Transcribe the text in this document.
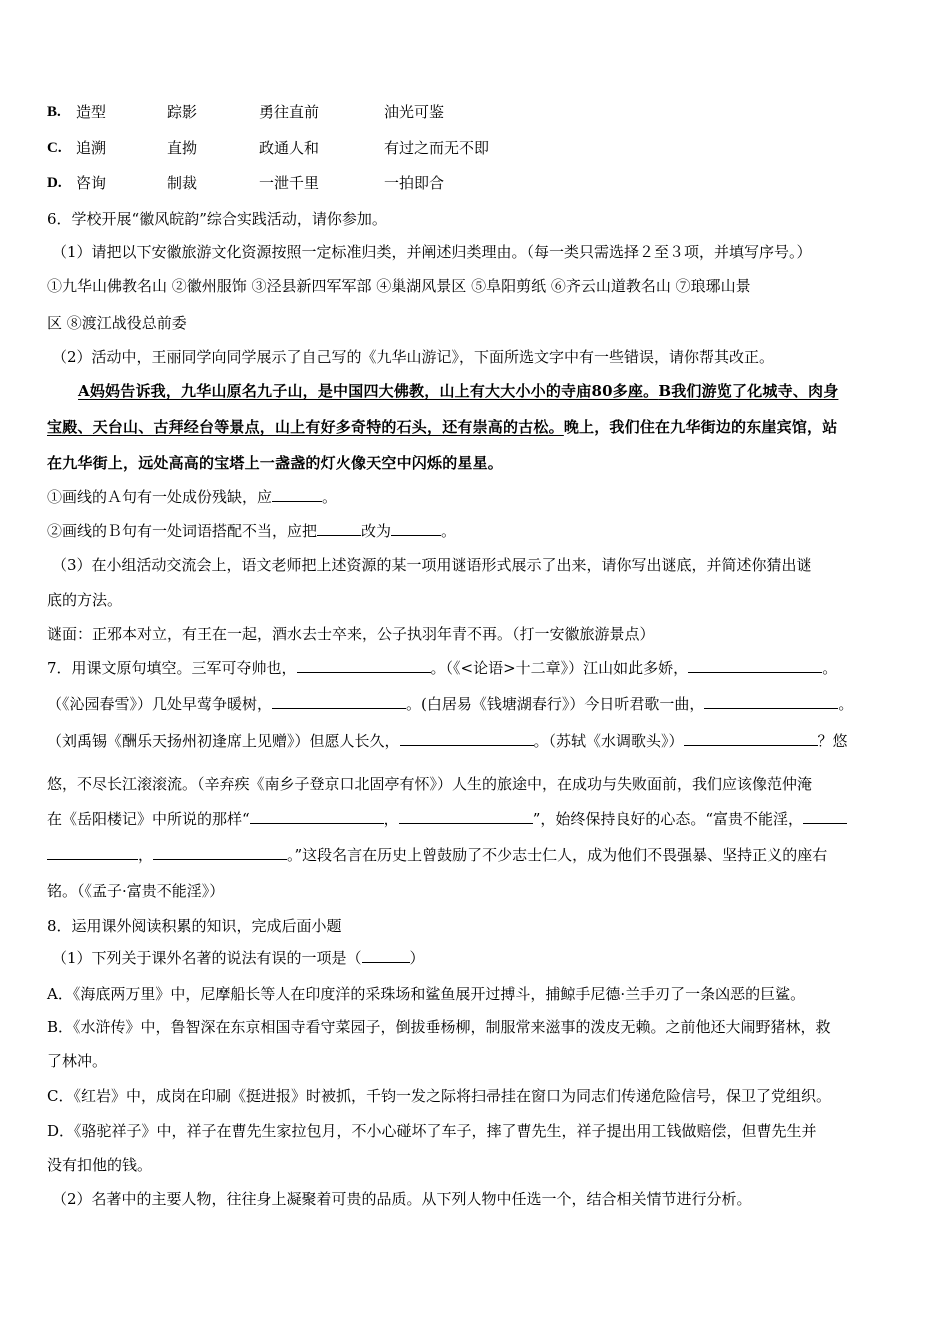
B. 造型	踪影	勇往直前	油光可鉴
C. 追溯	直拗	政通人和	有过之而无不即
D. 咨询	制裁	一泄千里	一拍即合
6．学校开展“徽风皖韵”综合实践活动，请你参加。
（1）请把以下安徽旅游文化资源按照一定标准归类，并阐述归类理由。（每一类只需选择２至３项，并填写序号。）
①九华山佛教名山 ②徽州服饰 ③泾县新四军军部 ④巢湖风景区 ⑤阜阳剪纸 ⑥齐云山道教名山 ⑦琅琊山景
区 ⑧渡江战役总前委
（2）活动中，王丽同学向同学展示了自己写的《九华山游记》，下面所选文字中有一些错误，请你帮其改正。
A妈妈告诉我，九华山原名九子山，是中国四大佛教，山上有大大小小的寺庙80多座。B我们游览了化城寺、肉身
宝殿、天台山、古拜经台等景点，山上有好多奇特的石头，还有崇高的古松。晚上，我们住在九华街边的东崖宾馆，站
在九华街上，远处高高的宝塔上一盏盏的灯火像天空中闪烁的星星。
①画线的Ａ句有一处成份残缺，应	。
②画线的Ｂ句有一处词语搭配不当，应把	改为	。
（3）在小组活动交流会上，语文老师把上述资源的某一项用谜语形式展示了出来，请你写出谜底，并简述你猜出谜
底的方法。
谜面：正邪本对立，有王在一起，酒水去士卒来，公子执羽年青不再。（打一安徽旅游景点）
7．用课文原句填空。三军可夺帅也，	。（《<论语>十二章》）江山如此多娇，	。
（《沁园春雪》）几处早莺争暖树，	。(白居易《钱塘湖春行》）今日听君歌一曲，	。
（刘禹锡《酬乐天扬州初逢席上见赠》）但愿人长久，	。（苏轼《水调歌头》）	？悠
悠，不尽长江滚滚流。（辛弃疾《南乡子登京口北固亭有怀》）人生的旅途中，在成功与失败面前，我们应该像范仲淹
在《岳阳楼记》中所说的那样“	，	”，始终保持良好的心态。“富贵不能淫，
，	。”这段名言在历史上曾鼓励了不少志士仁人，成为他们不畏强暴、坚持正义的座右
铭。（《孟子·富贵不能淫》）
8．运用课外阅读积累的知识，完成后面小题
（1）下列关于课外名著的说法有误的一项是（	）
A．《海底两万里》中，尼摩船长等人在印度洋的采珠场和鲨鱼展开过搏斗，捕鲸手尼德·兰手刃了一条凶恶的巨鲨。
B．《水浒传》中，鲁智深在东京相国寺看守菜园子，倒拔垂杨柳，制服常来滋事的泼皮无赖。之前他还大闹野猪林，救
了林冲。
C．《红岩》中，成岗在印刷《挺进报》时被抓，千钧一发之际将扫帚挂在窗口为同志们传递危险信号，保卫了党组织。
D．《骆驼祥子》中，祥子在曹先生家拉包月，不小心碰坏了车子，摔了曹先生，祥子提出用工钱做赔偿，但曹先生并
没有扣他的钱。
（2）名著中的主要人物，往往身上凝聚着可贵的品质。从下列人物中任选一个，结合相关情节进行分析。
